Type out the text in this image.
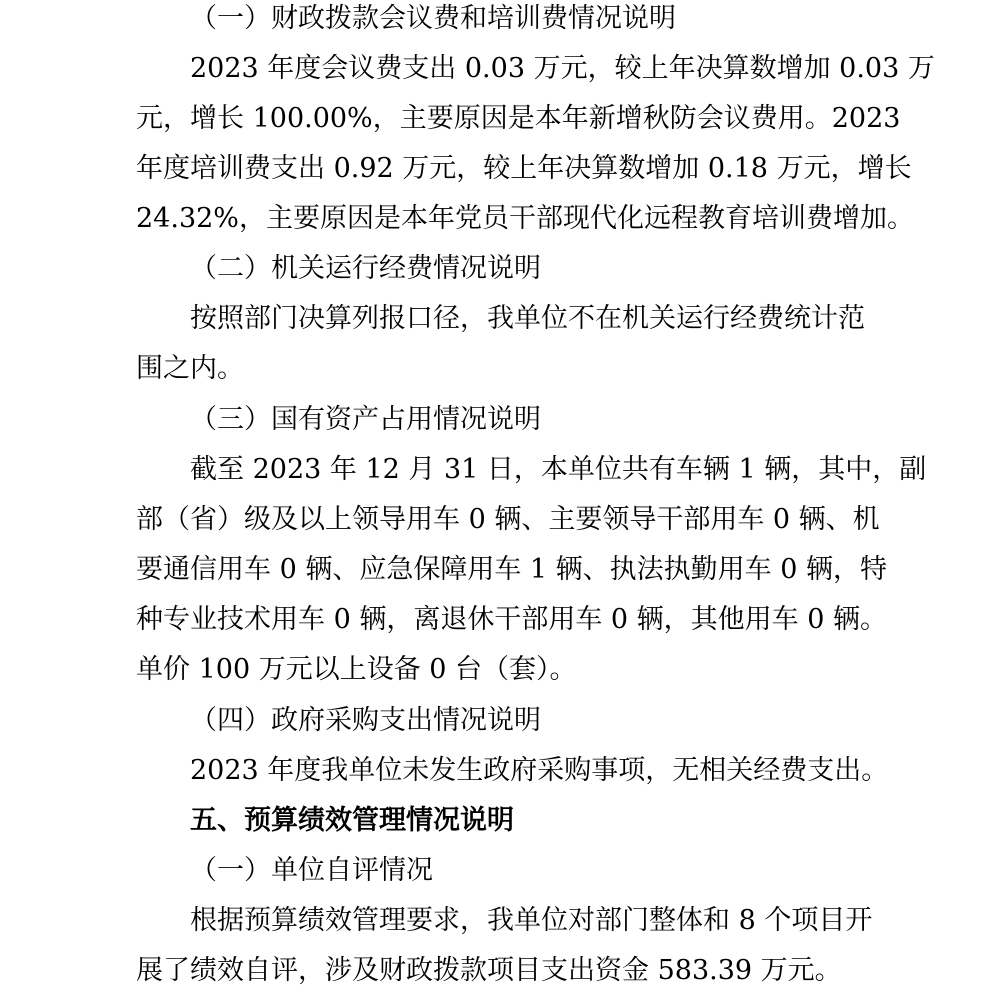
（一）财政拨款会议费和培训费情况说明
2023 年度会议费支出 0.03 万元，较上年决算数增加 0.03 万
元，增长 100.00%，主要原因是本年新增秋防会议费用。2023
年度培训费支出 0.92 万元，较上年决算数增加 0.18 万元，增长
24.32%，主要原因是本年党员干部现代化远程教育培训费增加。
（二）机关运行经费情况说明
按照部门决算列报口径，我单位不在机关运行经费统计范
围之内。
（三）国有资产占用情况说明
截至 2023 年 12 月 31 日，本单位共有车辆 1 辆，其中，副
部（省）级及以上领导用车 0 辆、主要领导干部用车 0 辆、机
要通信用车 0 辆、应急保障用车 1 辆、执法执勤用车 0 辆，特
种专业技术用车 0 辆，离退休干部用车 0 辆，其他用车 0 辆。
单价 100 万元以上设备 0 台（套）。
（四）政府采购支出情况说明
2023 年度我单位未发生政府采购事项，无相关经费支出。
五、预算绩效管理情况说明
（一）单位自评情况
根据预算绩效管理要求，我单位对部门整体和 8 个项目开
展了绩效自评，涉及财政拨款项目支出资金 583.39 万元。
